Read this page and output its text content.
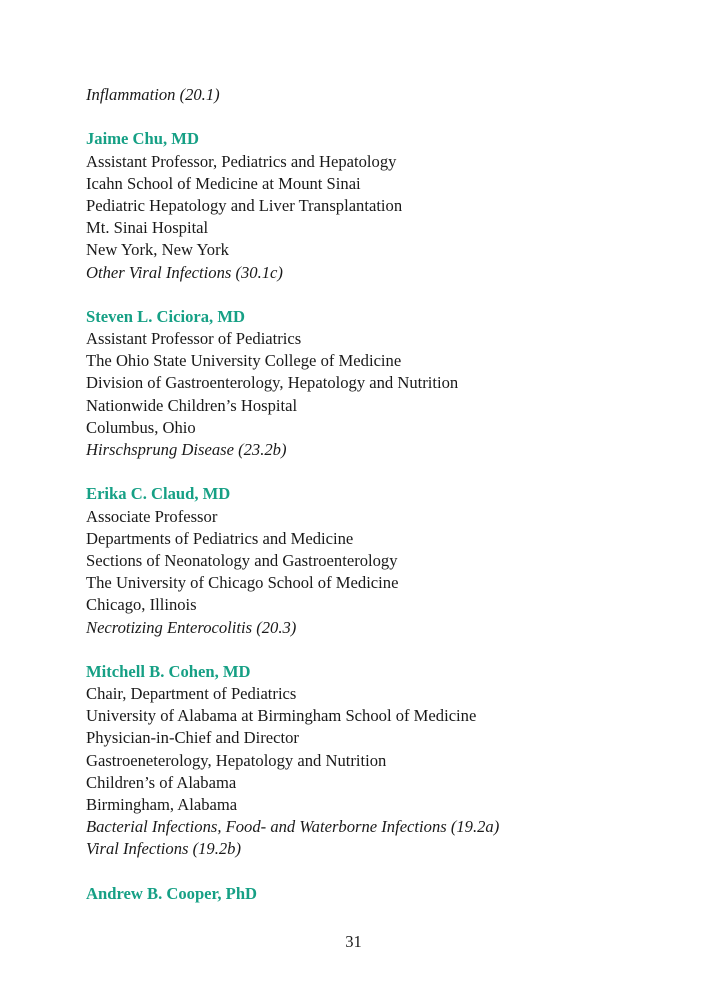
Inflammation (20.1)
Jaime Chu, MD
Assistant Professor, Pediatrics and Hepatology
Icahn School of Medicine at Mount Sinai
Pediatric Hepatology and Liver Transplantation
Mt. Sinai Hospital
New York, New York
Other Viral Infections (30.1c)
Steven L. Ciciora, MD
Assistant Professor of Pediatrics
The Ohio State University College of Medicine
Division of Gastroenterology, Hepatology and Nutrition
Nationwide Children’s Hospital
Columbus, Ohio
Hirschsprung Disease (23.2b)
Erika C. Claud, MD
Associate Professor
Departments of Pediatrics and Medicine
Sections of Neonatology and Gastroenterology
The University of Chicago School of Medicine
Chicago, Illinois
Necrotizing Enterocolitis (20.3)
Mitchell B. Cohen, MD
Chair, Department of Pediatrics
University of Alabama at Birmingham School of Medicine
Physician-in-Chief and Director
Gastroeneterology, Hepatology and Nutrition
Children’s of Alabama
Birmingham, Alabama
Bacterial Infections, Food- and Waterborne Infections (19.2a)
Viral Infections (19.2b)
Andrew B. Cooper, PhD
31
